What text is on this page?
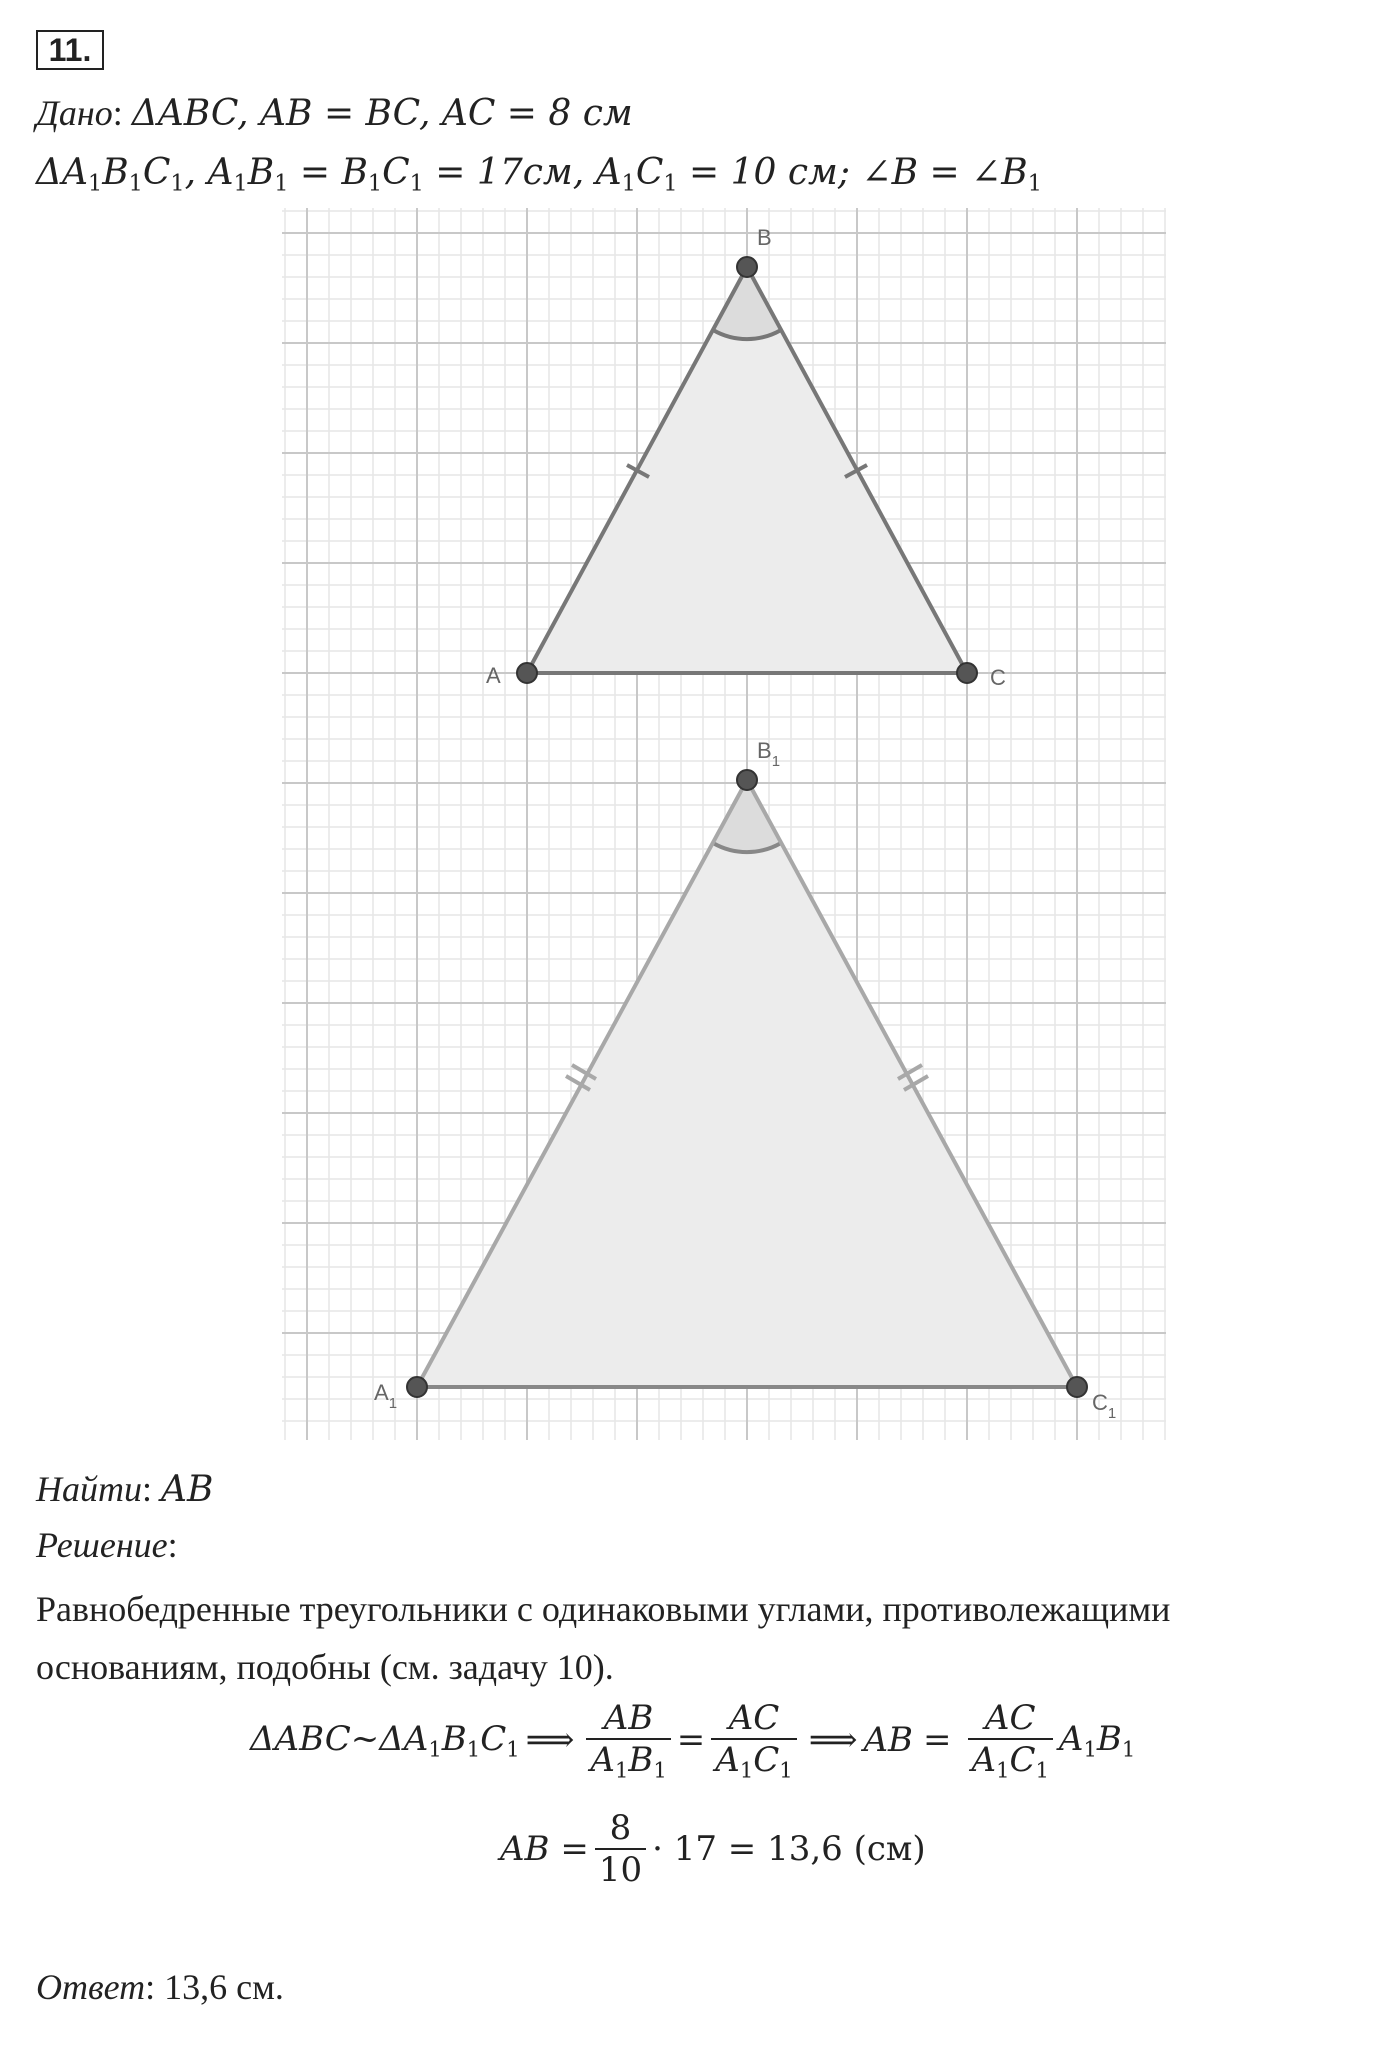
11.
Дано: ΔABC, AB = BC, AC = 8 см
$\Delta A_1B_1C_1$, $A_1B_1 = B_1C_1 = 17см$, $A_1C_1 = 10$ см; ∠B = $\angle B_1$
B
A	C
$B_1$
$A_1$	$C_1$
Найти: AB
Решение:
Равнобедренные треугольники с одинаковыми углами, противолежащими основаниям, подобны (см. задачу 10).
$\Delta ABC\sim\Delta A_1B_1C_1$ ⟹ $\frac{AB}{A_1B_1} = \frac{AC}{A_1C_1}$ ⟹ AB = $\frac{AC}{A_1C_1} A_1B_1$
AB = $\frac{8}{10} \cdot 17 = 13,6$ (см)
Ответ: 13,6 см.
